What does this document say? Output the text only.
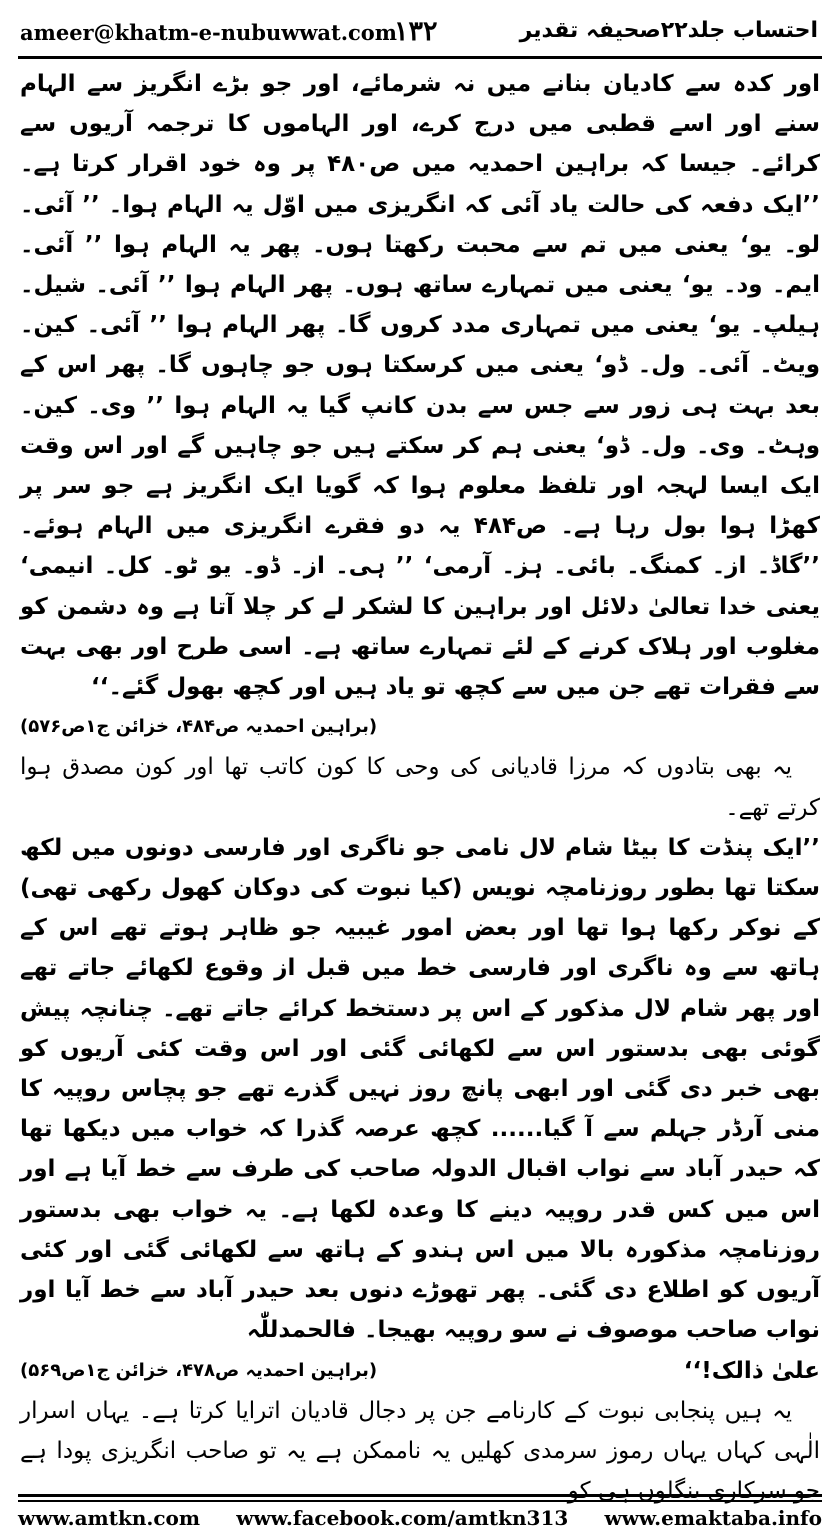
ameer@khatm-e-nubuwwat.com
۱۳۲	احتساب جلد۲۲صحیفہ تقدیر

اور کدہ سے کادیان بنانے میں نہ شرمائے، اور جو بڑے انگریز سے الہام سنے اور اسے قطبی میں درج کرے، اور الہاموں کا ترجمہ آریوں سے کرائے۔ جیسا کہ براہین احمدیہ میں ص۴۸۰ پر وہ خود اقرار کرتا ہے۔ ’’ایک دفعہ کی حالت یاد آئی کہ انگریزی میں اوّل یہ الہام ہوا۔ ’’ آئی۔ لو۔ یو‘ یعنی میں تم سے محبت رکھتا ہوں۔ پھر یہ الہام ہوا ’’ آئی۔ ایم۔ ود۔ یو‘ یعنی میں تمہارے ساتھ ہوں۔ پھر الہام ہوا ’’ آئی۔ شیل۔ ہیلپ۔ یو‘ یعنی میں تمہاری مدد کروں گا۔ پھر الہام ہوا ’’ آئی۔ کین۔ ویٹ۔ آئی۔ ول۔ ڈو‘ یعنی میں کرسکتا ہوں جو چاہوں گا۔ پھر اس کے بعد بہت ہی زور سے جس سے بدن کانپ گیا یہ الہام ہوا ’’ وی۔ کین۔ وہٹ۔ وی۔ ول۔ ڈو‘ یعنی ہم کر سکتے ہیں جو چاہیں گے اور اس وقت ایک ایسا لہجہ اور تلفظ معلوم ہوا کہ گویا ایک انگریز ہے جو سر پر کھڑا ہوا بول رہا ہے۔ ص۴۸۴ یہ دو فقرے انگریزی میں الہام ہوئے۔ ’’گاڈ۔ از۔ کمنگ۔ بائی۔ ہز۔ آرمی‘ ’’ ہی۔ از۔ ڈو۔ یو ٹو۔ کل۔ انیمی‘ یعنی خدا تعالیٰ دلائل اور براہین کا لشکر لے کر چلا آتا ہے وہ دشمن کو مغلوب اور ہلاک کرنے کے لئے تمہارے ساتھ ہے۔ اسی طرح اور بھی بہت سے فقرات تھے جن میں سے کچھ تو یاد ہیں اور کچھ بھول گئے۔‘‘

(براہین احمدیہ ص۴۸۴، خزائن ج۱ص۵۷۶)

یہ بھی بتادوں کہ مرزا قادیانی کی وحی کا کون کاتب تھا اور کون مصدق ہوا کرتے تھے۔

’’ایک پنڈت کا بیٹا شام لال نامی جو ناگری اور فارسی دونوں میں لکھ سکتا تھا بطور روزنامچہ نویس (کیا نبوت کی دوکان کھول رکھی تھی) کے نوکر رکھا ہوا تھا اور بعض امور غیبیہ جو ظاہر ہوتے تھے اس کے ہاتھ سے وہ ناگری اور فارسی خط میں قبل از وقوع لکھائے جاتے تھے اور پھر شام لال مذکور کے اس پر دستخط کرائے جاتے تھے۔ چنانچہ پیش گوئی بھی بدستور اس سے لکھائی گئی اور اس وقت کئی آریوں کو بھی خبر دی گئی اور ابھی پانچ روز نہیں گذرے تھے جو پچاس روپیہ کا منی آرڈر جہلم سے آ گیا...... کچھ عرصہ گذرا کہ خواب میں دیکھا تھا کہ حیدر آباد سے نواب اقبال الدولہ صاحب کی طرف سے خط آیا ہے اور اس میں کس قدر روپیہ دینے کا وعدہ لکھا ہے۔ یہ خواب بھی بدستور روزنامچہ مذکورہ بالا میں اس ہندو کے ہاتھ سے لکھائی گئی اور کئی آریوں کو اطلاع دی گئی۔ پھر تھوڑے دنوں بعد حیدر آباد سے خط آیا اور نواب صاحب موصوف نے سو روپیہ بھیجا۔ فالحمدللّٰہ

علیٰ ذالک!‘‘
(براہین احمدیہ ص۴۷۸، خزائن ج۱ص۵۶۹)

یہ ہیں پنجابی نبوت کے کارنامے جن پر دجال قادیان اترایا کرتا ہے۔ یہاں اسرار الٰہی کہاں یہاں رموز سرمدی کھلیں یہ ناممکن ہے یہ تو صاحب انگریزی پودا ہے جو سرکاری بنگلوں ہی کو

www.amtkn.com www.facebook.com/amtkn313 www.emaktaba.info
